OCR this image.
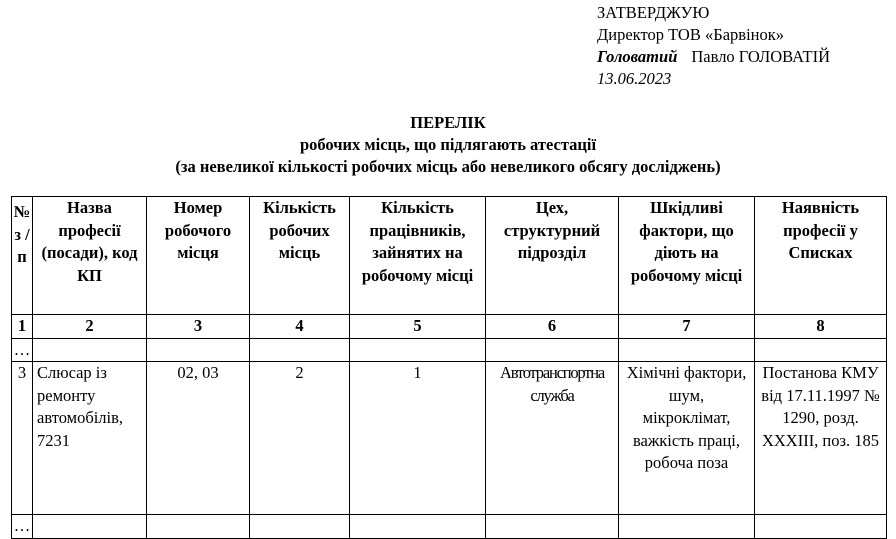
ЗАТВЕРДЖУЮ
Директор ТОВ «Барвінок»
Головатий Павло ГОЛОВАТІЙ
13.06.2023
ПЕРЕЛІК
робочих місць, що підлягають атестації
(за невеликої кількості робочих місць або невеликого обсягу досліджень)
№ з / п	Назва професії (посади), код КП	Номер робочого місця	Кількість робочих місць	Кількість працівників, зайнятих на робочому місці	Цех, структурний підрозділ	Шкідливі фактори, що діють на робочому місці	Наявність професії у Списках
1	2	3	4	5	6	7	8
…							
3	Слюсар із ремонту автомобілів, 7231	02, 03	2	1	Автотранспортна служба	Хімічні фактори, шум, мікроклімат, важкість праці, робоча поза	Постанова КМУ від 17.11.1997 № 1290, розд. XXXIII, поз. 185
…							
